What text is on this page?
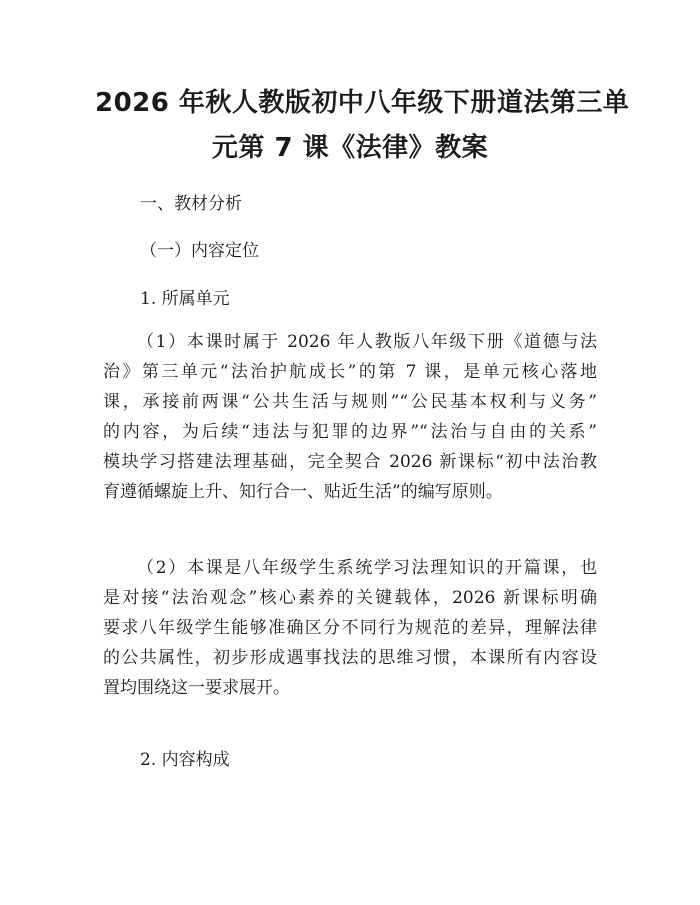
2026 年秋人教版初中八年级下册道法第三单
元第 7 课《法律》教案

一、教材分析

（一）内容定位

1. 所属单元

（1）本课时属于 2026 年人教版八年级下册《道德与法
治》第三单元“法治护航成长”的第 7 课，是单元核心落地
课，承接前两课“公共生活与规则”“公民基本权利与义务”
的内容，为后续“违法与犯罪的边界”“法治与自由的关系”
模块学习搭建法理基础，完全契合 2026 新课标“初中法治教
育遵循螺旋上升、知行合一、贴近生活”的编写原则。
（2）本课是八年级学生系统学习法理知识的开篇课，也
是对接“法治观念”核心素养的关键载体，2026 新课标明确
要求八年级学生能够准确区分不同行为规范的差异，理解法律
的公共属性，初步形成遇事找法的思维习惯，本课所有内容设
置均围绕这一要求展开。

2. 内容构成
